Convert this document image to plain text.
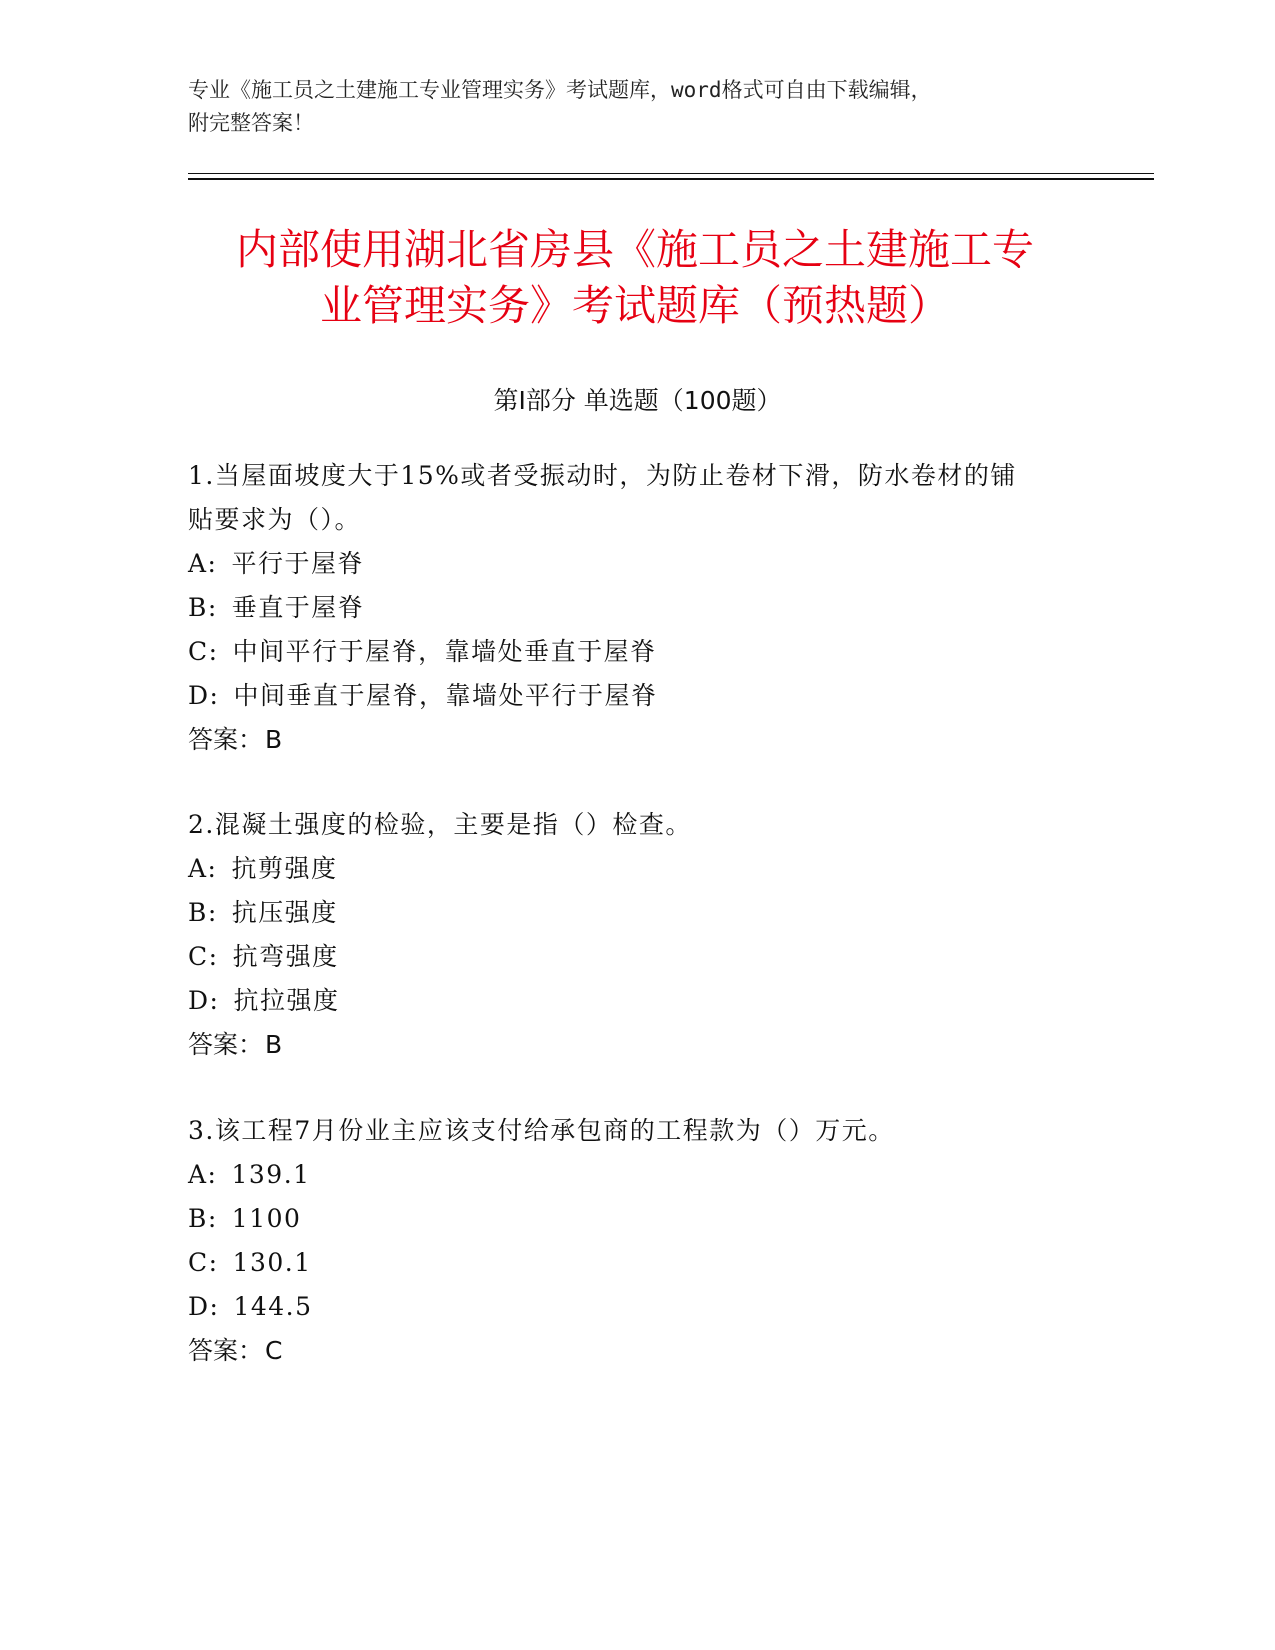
专业《施工员之土建施工专业管理实务》考试题库，word格式可自由下载编辑，
附完整答案！
内部使用湖北省房县《施工员之土建施工专
业管理实务》考试题库（预热题）
第Ⅰ部分 单选题（100题）
1.当屋面坡度大于15%或者受振动时，为防止卷材下滑，防水卷材的铺
贴要求为（）。
A: 平行于屋脊
B: 垂直于屋脊
C: 中间平行于屋脊，靠墙处垂直于屋脊
D: 中间垂直于屋脊，靠墙处平行于屋脊
答案：B
2.混凝土强度的检验，主要是指（）检查。
A: 抗剪强度
B: 抗压强度
C: 抗弯强度
D: 抗拉强度
答案：B
3.该工程7月份业主应该支付给承包商的工程款为（）万元。
A: 139.1
B: 1100
C: 130.1
D: 144.5
答案：C
